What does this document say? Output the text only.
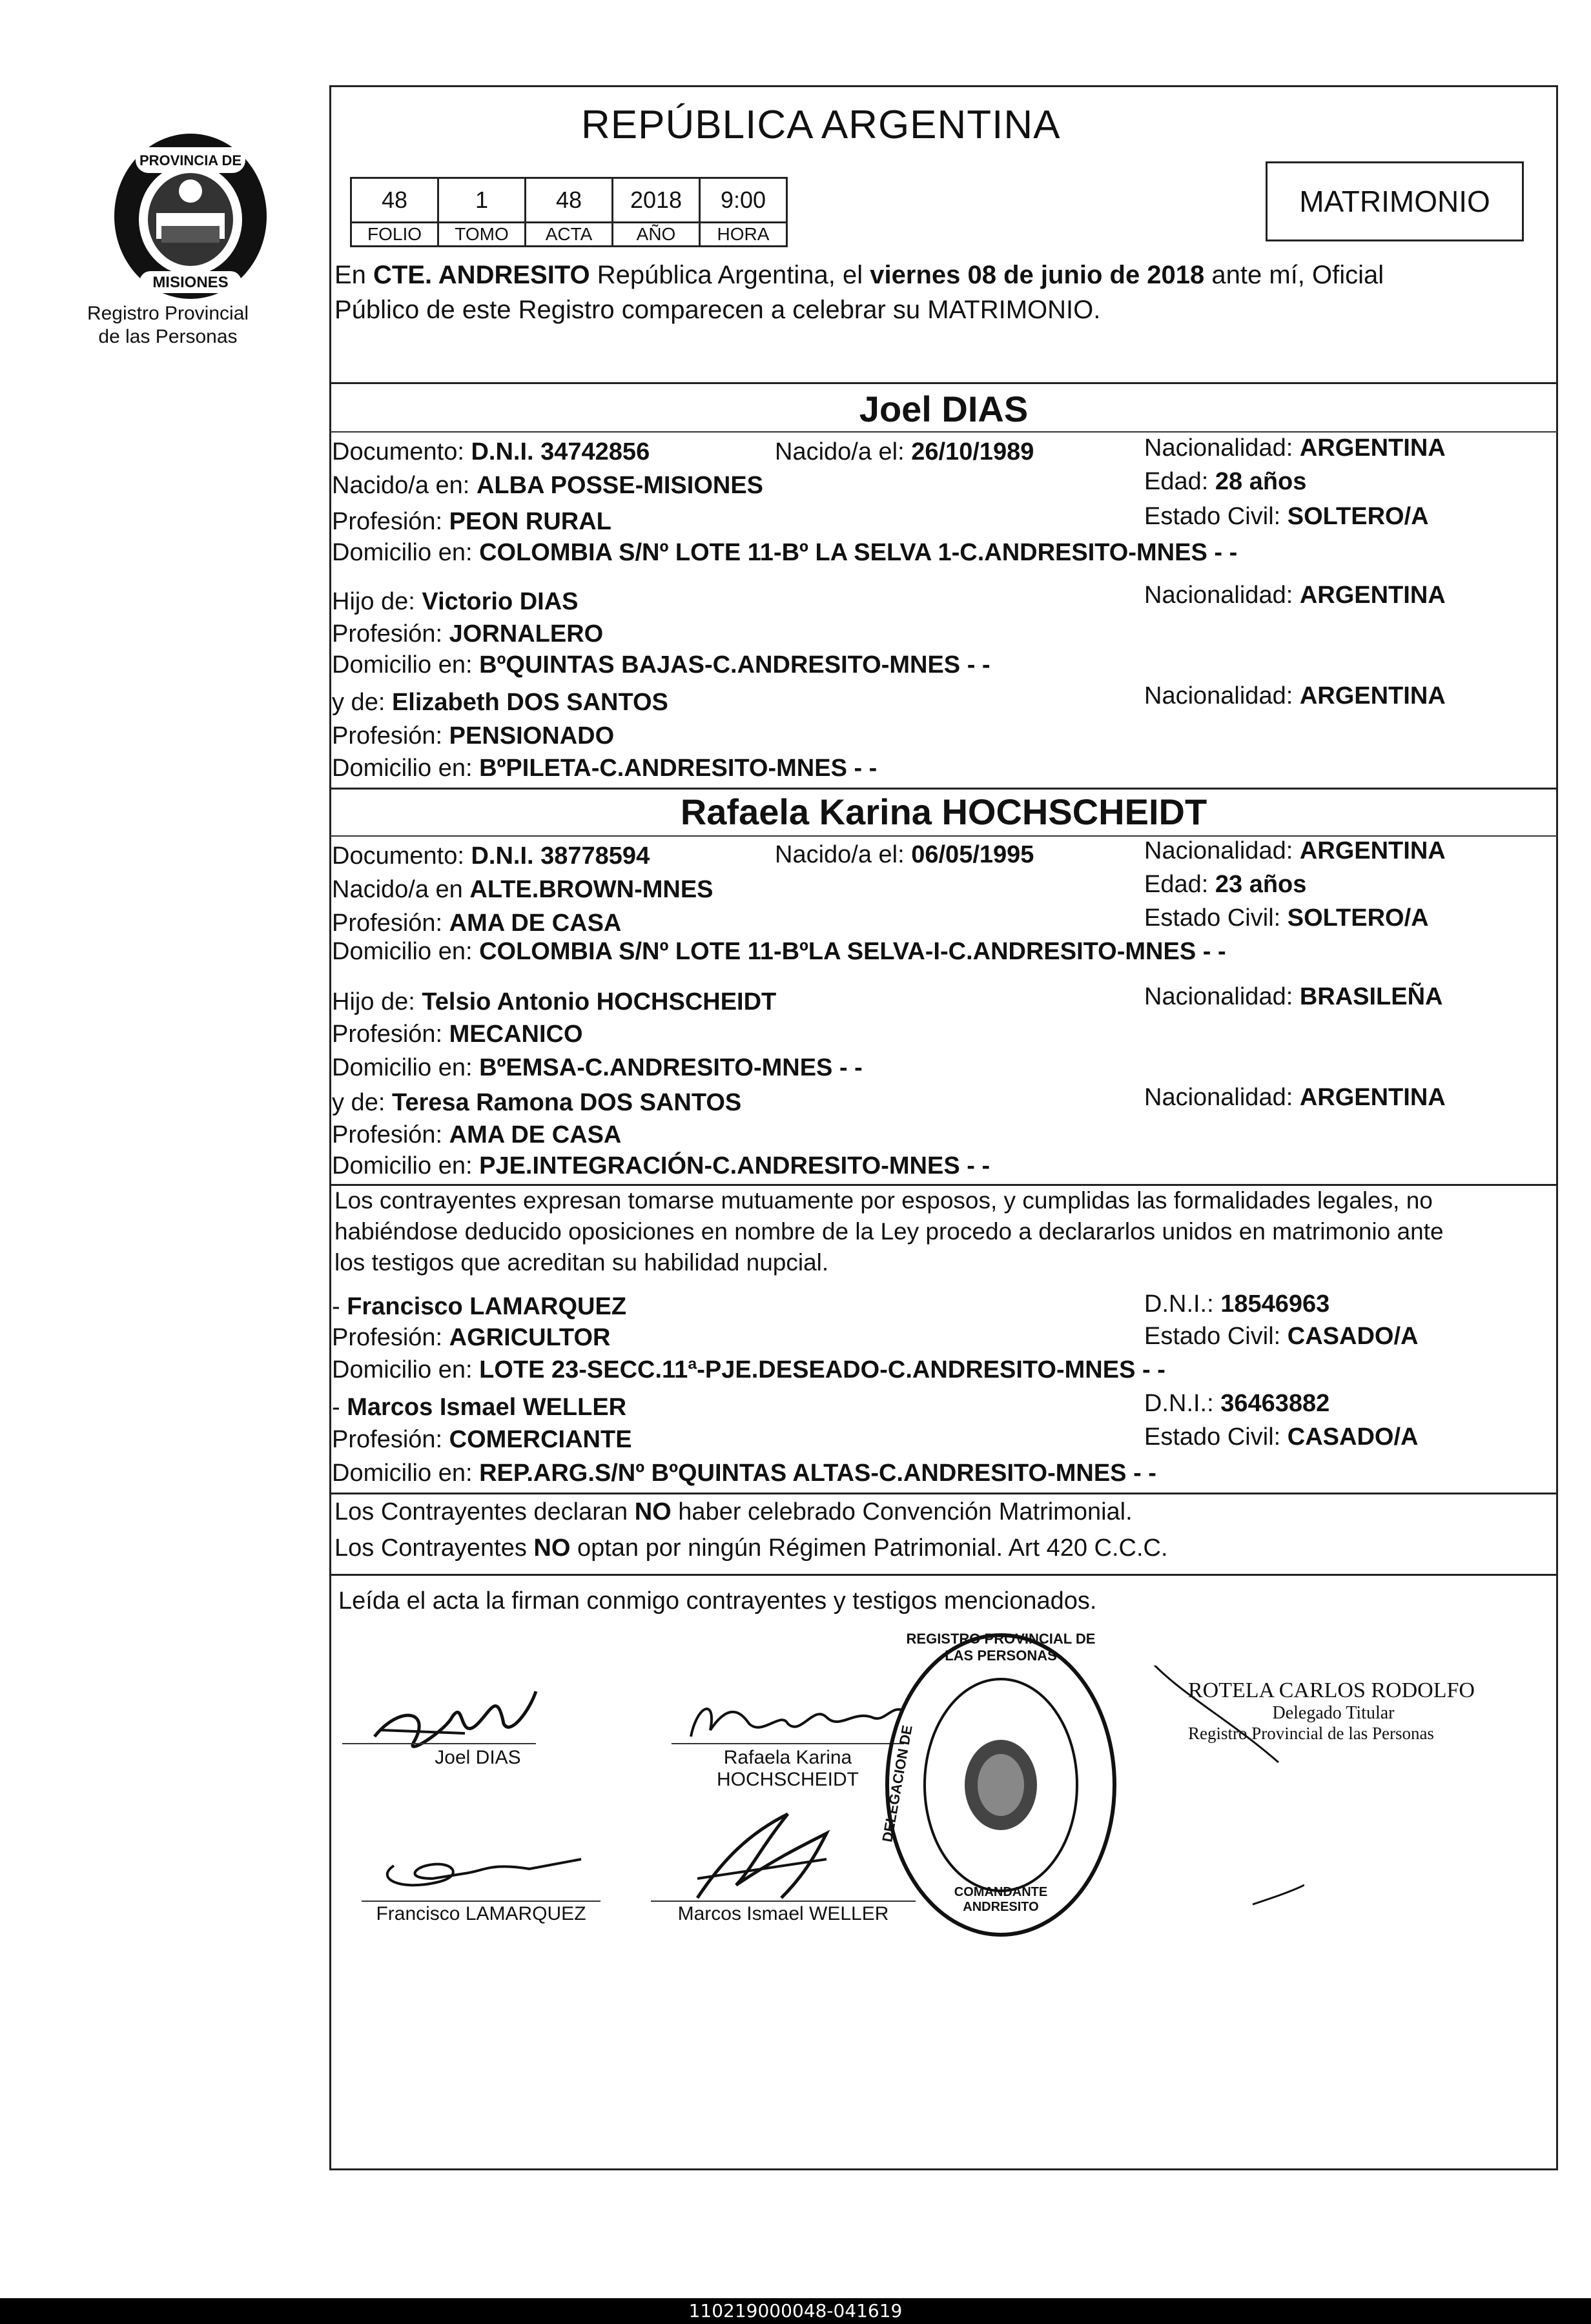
PROVINCIA DE
MISIONES
Registro Provincial
de las Personas
REPÚBLICA ARGENTINA
48	1	48	2018	9:00
FOLIO	TOMO	ACTA	AÑO	HORA
MATRIMONIO
En CTE. ANDRESITO República Argentina, el viernes 08 de junio de 2018 ante mí, Oficial
Público de este Registro comparecen a celebrar su MATRIMONIO.
Joel DIAS
Documento: D.N.I. 34742856	Nacido/a el: 26/10/1989	Nacionalidad: ARGENTINA
Nacido/a en: ALBA POSSE-MISIONES	Edad: 28 años
Profesión: PEON RURAL	Estado Civil: SOLTERO/A
Domicilio en: COLOMBIA S/Nº LOTE 11-Bº LA SELVA 1-C.ANDRESITO-MNES - -
Hijo de: Victorio DIAS	Nacionalidad: ARGENTINA
Profesión: JORNALERO
Domicilio en: BºQUINTAS BAJAS-C.ANDRESITO-MNES - -
y de: Elizabeth DOS SANTOS	Nacionalidad: ARGENTINA
Profesión: PENSIONADO
Domicilio en: BºPILETA-C.ANDRESITO-MNES - -
Rafaela Karina HOCHSCHEIDT
Documento: D.N.I. 38778594	Nacido/a el: 06/05/1995	Nacionalidad: ARGENTINA
Nacido/a en ALTE.BROWN-MNES	Edad: 23 años
Profesión: AMA DE CASA	Estado Civil: SOLTERO/A
Domicilio en: COLOMBIA S/Nº LOTE 11-BºLA SELVA-I-C.ANDRESITO-MNES - -
Hijo de: Telsio Antonio HOCHSCHEIDT	Nacionalidad: BRASILEÑA
Profesión: MECANICO
Domicilio en: BºEMSA-C.ANDRESITO-MNES - -
y de: Teresa Ramona DOS SANTOS	Nacionalidad: ARGENTINA
Profesión: AMA DE CASA
Domicilio en: PJE.INTEGRACIÓN-C.ANDRESITO-MNES - -
Los contrayentes expresan tomarse mutuamente por esposos, y cumplidas las formalidades legales, no
habiéndose deducido oposiciones en nombre de la Ley procedo a declararlos unidos en matrimonio ante
los testigos que acreditan su habilidad nupcial.
- Francisco LAMARQUEZ	D.N.I.: 18546963
Profesión: AGRICULTOR	Estado Civil: CASADO/A
Domicilio en: LOTE 23-SECC.11ª-PJE.DESEADO-C.ANDRESITO-MNES - -
- Marcos Ismael WELLER	D.N.I.: 36463882
Profesión: COMERCIANTE	Estado Civil: CASADO/A
Domicilio en: REP.ARG.S/Nº BºQUINTAS ALTAS-C.ANDRESITO-MNES - -
Los Contrayentes declaran NO haber celebrado Convención Matrimonial.
Los Contrayentes NO optan por ningún Régimen Patrimonial. Art 420 C.C.C.
Leída el acta la firman conmigo contrayentes y testigos mencionados.
Joel DIAS	Rafaela Karina
HOCHSCHEIDT
Francisco LAMARQUEZ	Marcos Ismael WELLER
REGISTRO PROVINCIAL DE LAS PERSONAS
DELEGACION DE
COMANDANTE ANDRESITO
ROTELA CARLOS RODOLFO
Delegado Titular
Registro Provincial de las Personas
110219000048-041619
